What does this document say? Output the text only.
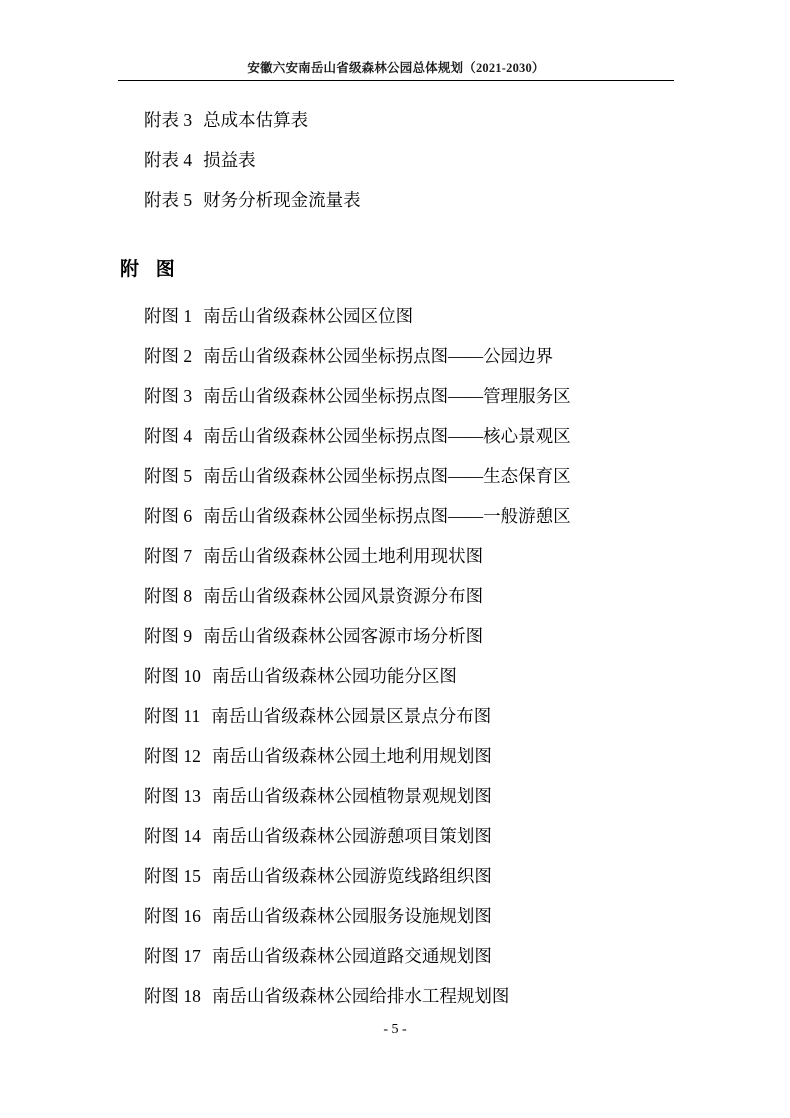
安徽六安南岳山省级森林公园总体规划（2021-2030）
附表 3 总成本估算表
附表 4 损益表
附表 5 财务分析现金流量表
附 图
附图 1 南岳山省级森林公园区位图
附图 2 南岳山省级森林公园坐标拐点图——公园边界
附图 3 南岳山省级森林公园坐标拐点图——管理服务区
附图 4 南岳山省级森林公园坐标拐点图——核心景观区
附图 5 南岳山省级森林公园坐标拐点图——生态保育区
附图 6 南岳山省级森林公园坐标拐点图——一般游憩区
附图 7 南岳山省级森林公园土地利用现状图
附图 8 南岳山省级森林公园风景资源分布图
附图 9 南岳山省级森林公园客源市场分析图
附图 10 南岳山省级森林公园功能分区图
附图 11 南岳山省级森林公园景区景点分布图
附图 12 南岳山省级森林公园土地利用规划图
附图 13 南岳山省级森林公园植物景观规划图
附图 14 南岳山省级森林公园游憩项目策划图
附图 15 南岳山省级森林公园游览线路组织图
附图 16 南岳山省级森林公园服务设施规划图
附图 17 南岳山省级森林公园道路交通规划图
附图 18 南岳山省级森林公园给排水工程规划图
- 5 -
